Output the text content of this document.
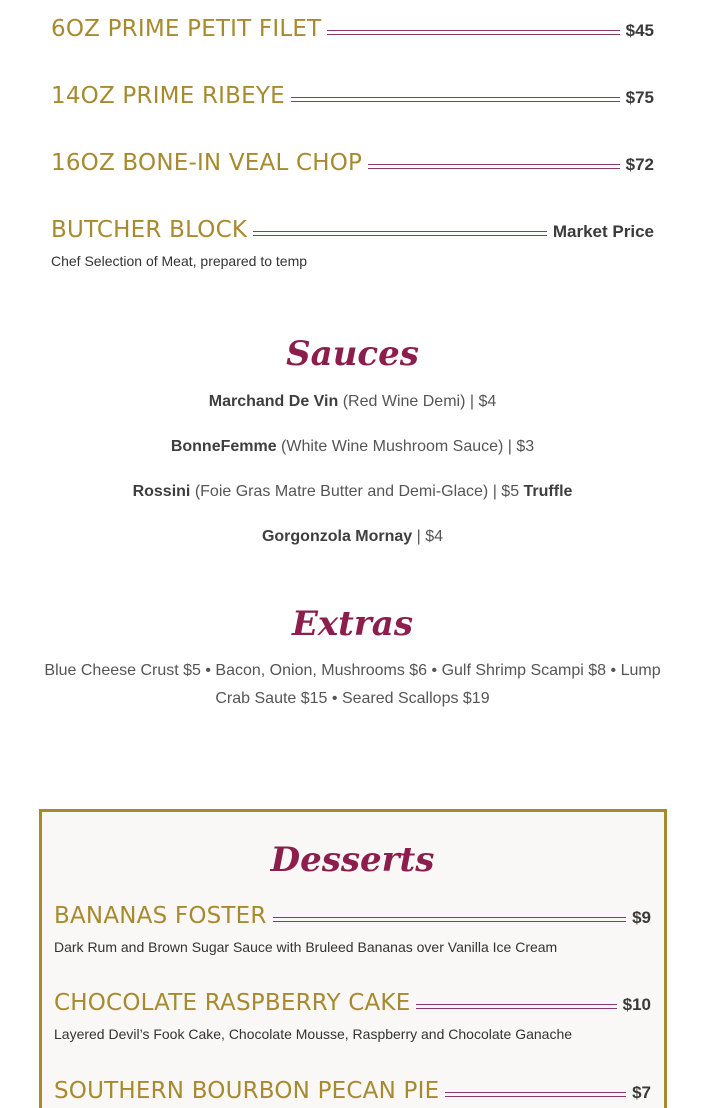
6OZ PRIME PETIT FILET	$45
14OZ PRIME RIBEYE	$75
16OZ BONE-IN VEAL CHOP	$72
BUTCHER BLOCK	Market Price
Chef Selection of Meat, prepared to temp
Sauces
Marchand De Vin (Red Wine Demi) | $4
BonneFemme (White Wine Mushroom Sauce) | $3
Rossini (Foie Gras Matre Butter and Demi-Glace) | $5 Truffle
Gorgonzola Mornay | $4
Extras
Blue Cheese Crust $5 • Bacon, Onion, Mushrooms $6 • Gulf Shrimp Scampi $8 • Lump Crab Saute $15 • Seared Scallops $19
Desserts
BANANAS FOSTER	$9
Dark Rum and Brown Sugar Sauce with Bruleed Bananas over Vanilla Ice Cream
CHOCOLATE RASPBERRY CAKE	$10
Layered Devil’s Fook Cake, Chocolate Mousse, Raspberry and Chocolate Ganache
SOUTHERN BOURBON PECAN PIE	$7
